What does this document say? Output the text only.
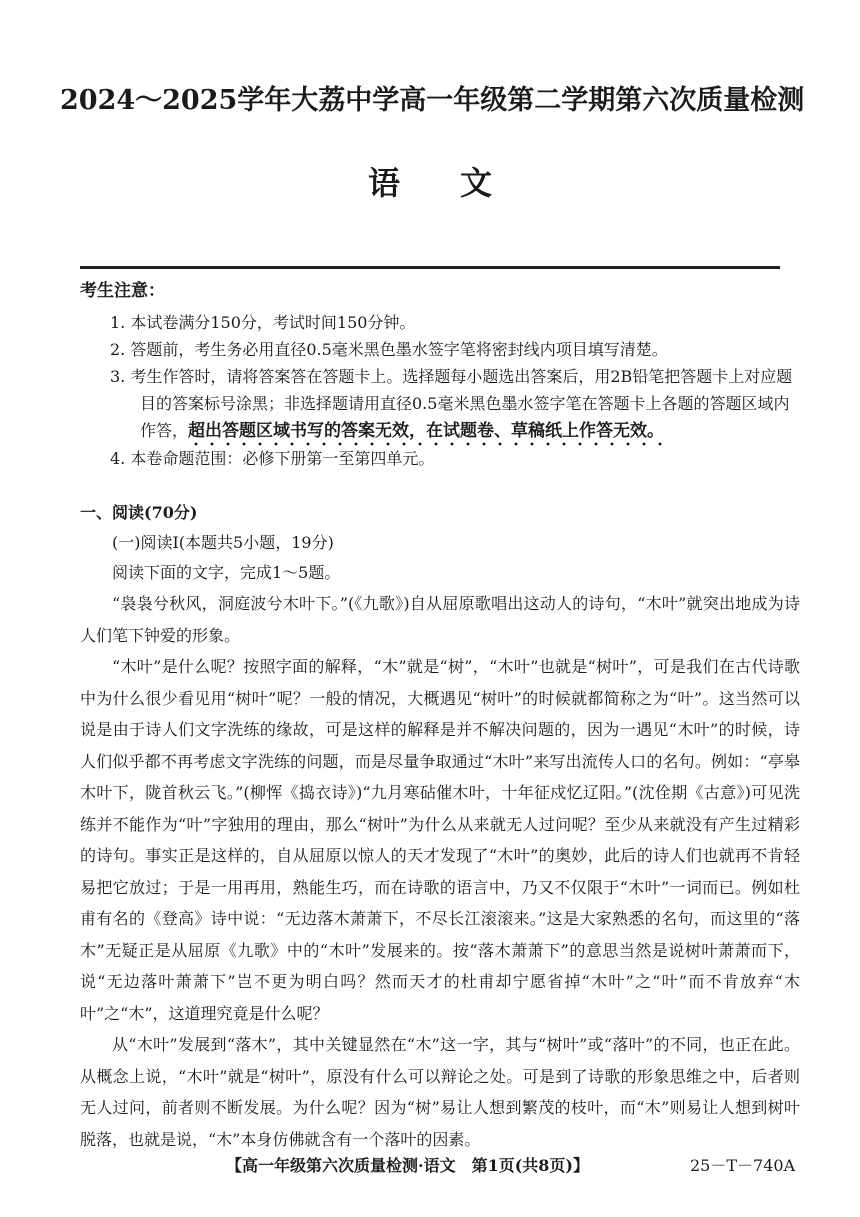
2024～2025学年大荔中学高一年级第二学期第六次质量检测
语文
考生注意：
1. 本试卷满分150分，考试时间150分钟。
2. 答题前，考生务必用直径0.5毫米黑色墨水签字笔将密封线内项目填写清楚。
3. 考生作答时，请将答案答在答题卡上。选择题每小题选出答案后，用2B铅笔把答题卡上对应题目的答案标号涂黑；非选择题请用直径0.5毫米黑色墨水签字笔在答题卡上各题的答题区域内作答，超出答题区域书写的答案无效，在试题卷、草稿纸上作答无效。
4. 本卷命题范围：必修下册第一至第四单元。
一、阅读(70分)
(一)阅读Ⅰ(本题共5小题，19分)
阅读下面的文字，完成1～5题。
“袅袅兮秋风，洞庭波兮木叶下。”(《九歌》)自从屈原歌唱出这动人的诗句，“木叶”就突出地成为诗人们笔下钟爱的形象。
“木叶”是什么呢？按照字面的解释，“木”就是“树”，“木叶”也就是“树叶”，可是我们在古代诗歌中为什么很少看见用“树叶”呢？一般的情况，大概遇见“树叶”的时候就都简称之为“叶”。这当然可以说是由于诗人们文字洗练的缘故，可是这样的解释是并不解决问题的，因为一遇见“木叶”的时候，诗人们似乎都不再考虑文字洗练的问题，而是尽量争取通过“木叶”来写出流传人口的名句。例如：“亭皋木叶下，陇首秋云飞。”(柳恽《捣衣诗》)“九月寒砧催木叶，十年征戍忆辽阳。”(沈佺期《古意》)可见洗练并不能作为“叶”字独用的理由，那么“树叶”为什么从来就无人过问呢？至少从来就没有产生过精彩的诗句。事实正是这样的，自从屈原以惊人的天才发现了“木叶”的奥妙，此后的诗人们也就再不肯轻易把它放过；于是一用再用，熟能生巧，而在诗歌的语言中，乃又不仅限于“木叶”一词而已。例如杜甫有名的《登高》诗中说：“无边落木萧萧下，不尽长江滚滚来。”这是大家熟悉的名句，而这里的“落木”无疑正是从屈原《九歌》中的“木叶”发展来的。按“落木萧萧下”的意思当然是说树叶萧萧而下，说“无边落叶萧萧下”岂不更为明白吗？然而天才的杜甫却宁愿省掉“木叶”之“叶”而不肯放弃“木叶”之“木”，这道理究竟是什么呢？
从“木叶”发展到“落木”，其中关键显然在“木”这一字，其与“树叶”或“落叶”的不同，也正在此。从概念上说，“木叶”就是“树叶”，原没有什么可以辩论之处。可是到了诗歌的形象思维之中，后者则无人过问，前者则不断发展。为什么呢？因为“树”易让人想到繁茂的枝叶，而“木”则易让人想到树叶脱落，也就是说，“木”本身仿佛就含有一个落叶的因素。
【高一年级第六次质量检测·语文　第1页(共8页)】	25－T－740A
